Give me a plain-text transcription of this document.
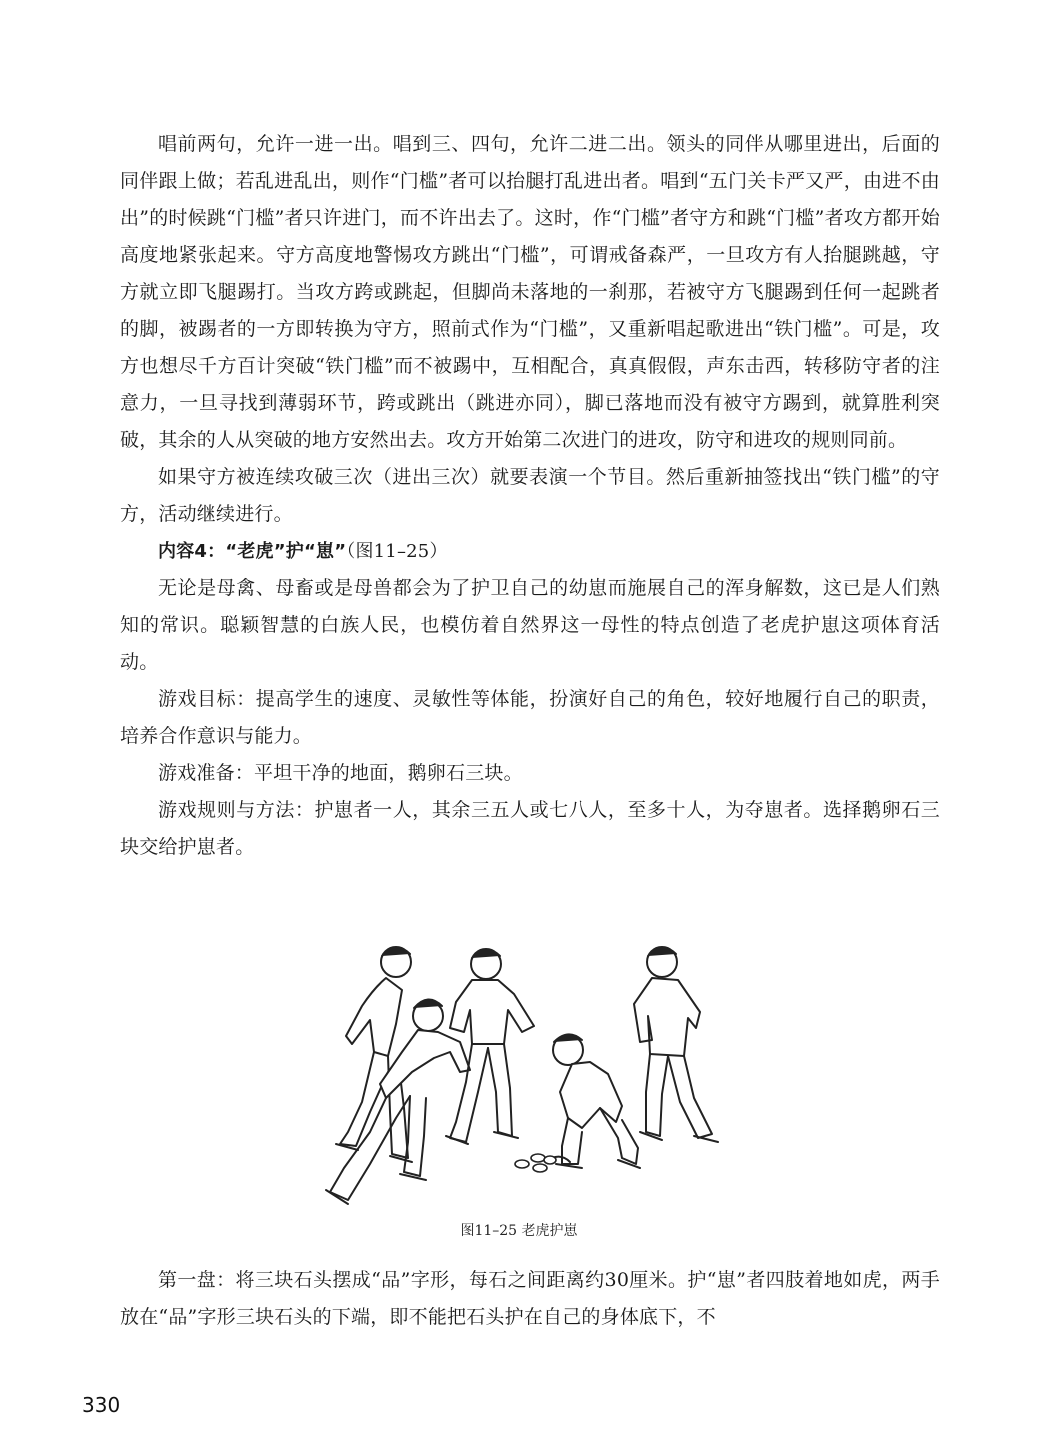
唱前两句，允许一进一出。唱到三、四句，允许二进二出。领头的同伴从哪里进出，后面的同伴跟上做；若乱进乱出，则作“门槛”者可以抬腿打乱进出者。唱到“五门关卡严又严，由进不由出”的时候跳“门槛”者只许进门，而不许出去了。这时，作“门槛”者守方和跳“门槛”者攻方都开始高度地紧张起来。守方高度地警惕攻方跳出“门槛”，可谓戒备森严，一旦攻方有人抬腿跳越，守方就立即飞腿踢打。当攻方跨或跳起，但脚尚未落地的一刹那，若被守方飞腿踢到任何一起跳者的脚，被踢者的一方即转换为守方，照前式作为“门槛”，又重新唱起歌进出“铁门槛”。可是，攻方也想尽千方百计突破“铁门槛”而不被踢中，互相配合，真真假假，声东击西，转移防守者的注意力，一旦寻找到薄弱环节，跨或跳出（跳进亦同），脚已落地而没有被守方踢到，就算胜利突破，其余的人从突破的地方安然出去。攻方开始第二次进门的进攻，防守和进攻的规则同前。

如果守方被连续攻破三次（进出三次）就要表演一个节目。然后重新抽签找出“铁门槛”的守方，活动继续进行。

内容4：“老虎”护“崽”（图11–25）

无论是母禽、母畜或是母兽都会为了护卫自己的幼崽而施展自己的浑身解数，这已是人们熟知的常识。聪颖智慧的白族人民，也模仿着自然界这一母性的特点创造了老虎护崽这项体育活动。

游戏目标：提高学生的速度、灵敏性等体能，扮演好自己的角色，较好地履行自己的职责，培养合作意识与能力。

游戏准备：平坦干净的地面，鹅卵石三块。

游戏规则与方法：护崽者一人，其余三五人或七八人，至多十人，为夺崽者。选择鹅卵石三块交给护崽者。

图11–25 老虎护崽

第一盘：将三块石头摆成“品”字形，每石之间距离约30厘米。护“崽”者四肢着地如虎，两手放在“品”字形三块石头的下端，即不能把石头护在自己的身体底下，不

330
